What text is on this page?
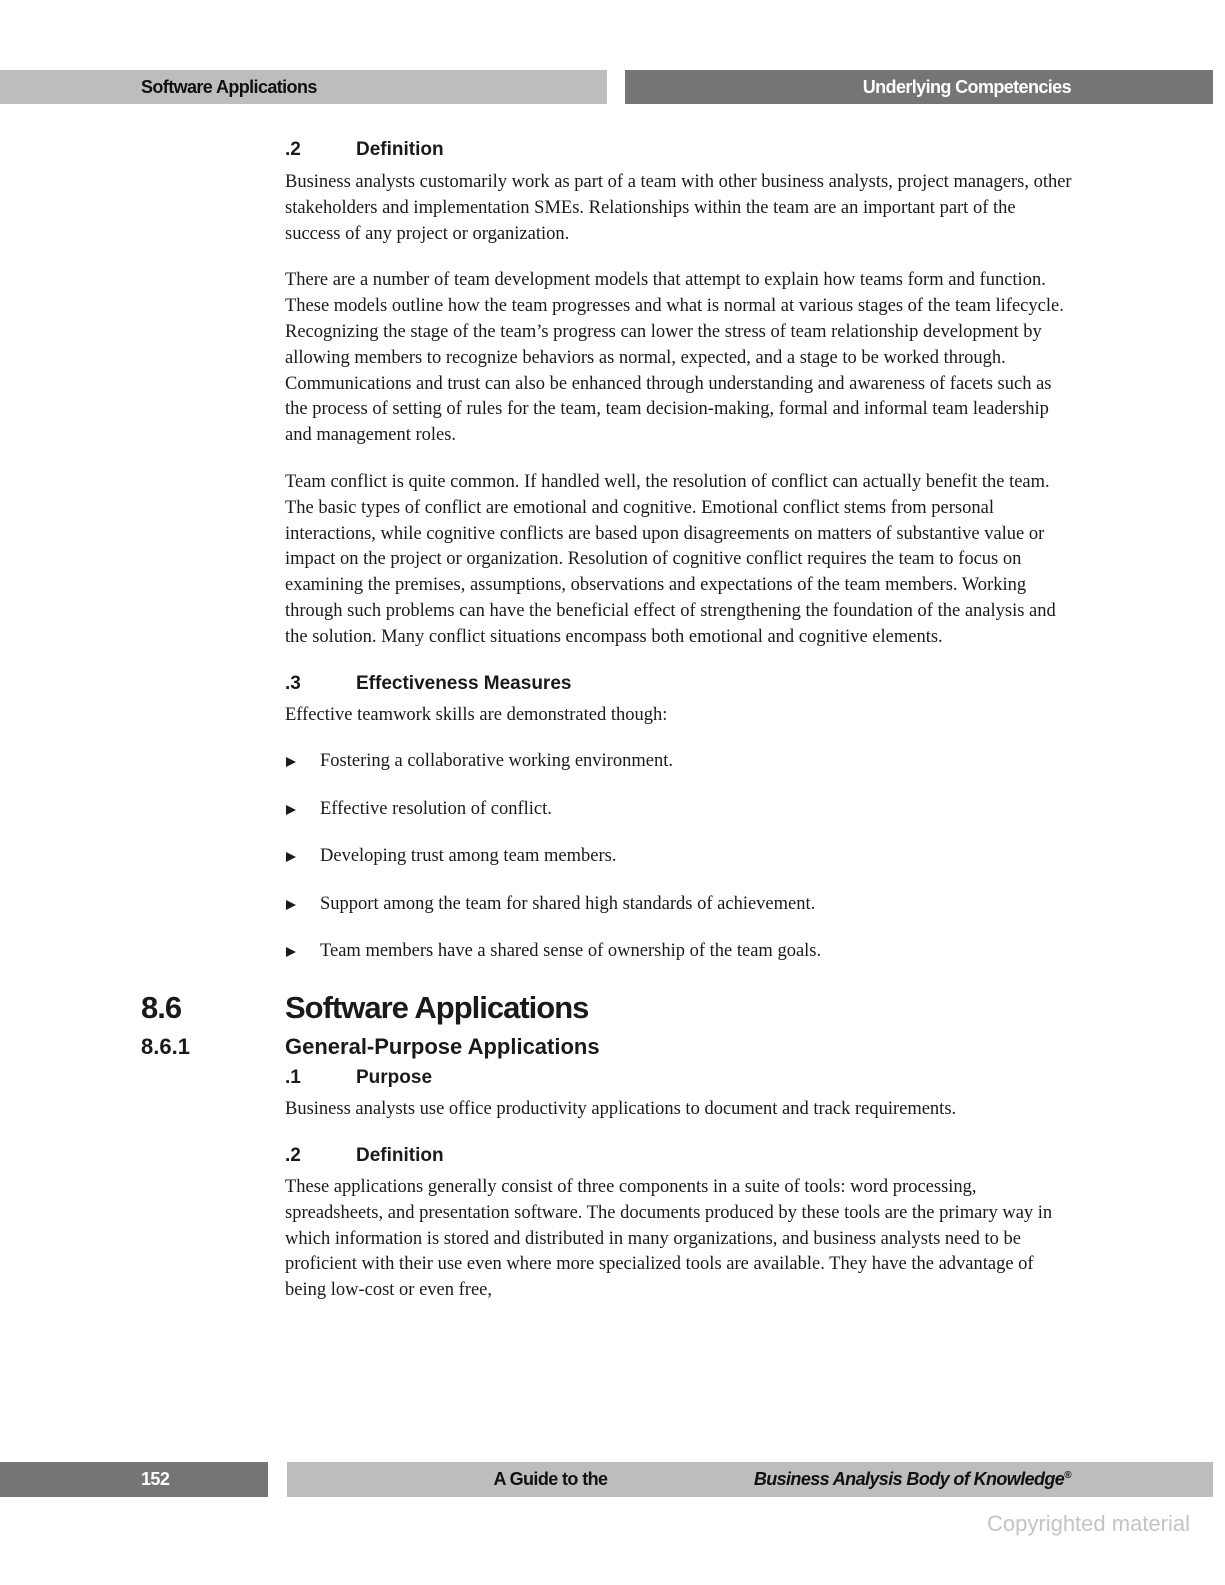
Software Applications	Underlying Competencies
.2	Definition

Business analysts customarily work as part of a team with other business analysts, project managers, other stakeholders and implementation SMEs. Relationships within the team are an important part of the success of any project or organization.

There are a number of team development models that attempt to explain how teams form and function. These models outline how the team progresses and what is normal at various stages of the team lifecycle. Recognizing the stage of the team’s progress can lower the stress of team relationship development by allowing members to recognize behaviors as normal, expected, and a stage to be worked through. Communications and trust can also be enhanced through understanding and awareness of facets such as the process of setting of rules for the team, team decision-making, formal and informal team leadership and management roles.

Team conflict is quite common. If handled well, the resolution of conflict can actually benefit the team. The basic types of conflict are emotional and cognitive. Emotional conflict stems from personal interactions, while cognitive conflicts are based upon disagreements on matters of substantive value or impact on the project or organization. Resolution of cognitive conflict requires the team to focus on examining the premises, assumptions, observations and expectations of the team members. Working through such problems can have the beneficial effect of strengthening the foundation of the analysis and the solution. Many conflict situations encompass both emotional and cognitive elements.

.3	Effectiveness Measures

Effective teamwork skills are demonstrated though:

Fostering a collaborative working environment.
Effective resolution of conflict.
Developing trust among team members.
Support among the team for shared high standards of achievement.
Team members have a shared sense of ownership of the team goals.
8.6	Software Applications
8.6.1	General-Purpose Applications
.1	Purpose

Business analysts use office productivity applications to document and track requirements.

.2	Definition

These applications generally consist of three components in a suite of tools: word processing, spreadsheets, and presentation software. The documents produced by these tools are the primary way in which information is stored and distributed in many organizations, and business analysts need to be proficient with their use even where more specialized tools are available. They have the advantage of being low-cost or even free,

152	A Guide to the	Business Analysis Body of Knowledge®
Copyrighted material
